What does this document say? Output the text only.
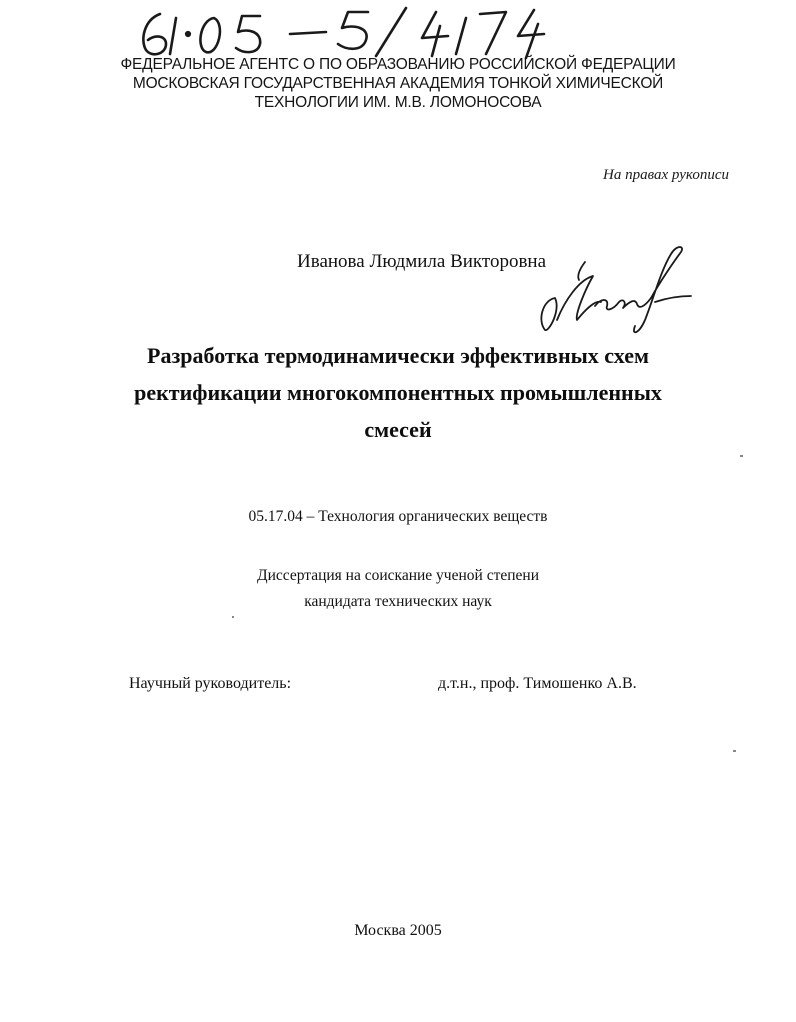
ФЕДЕРАЛЬНОЕ АГЕНТС О ПО ОБРАЗОВАНИЮ РОССИЙСКОЙ ФЕДЕРАЦИИ
МОСКОВСКАЯ ГОСУДАРСТВЕННАЯ АКАДЕМИЯ ТОНКОЙ ХИМИЧЕСКОЙ
ТЕХНОЛОГИИ ИМ. М.В. ЛОМОНОСОВА
На правах рукописи
Иванова Людмила Викторовна
Разработка термодинамически эффективных схем
ректификации многокомпонентных промышленных
смесей
05.17.04 – Технология органических веществ
Диссертация на соискание ученой степени
кандидата технических наук
Научный руководитель:	д.т.н., проф. Тимошенко А.В.
Москва 2005
